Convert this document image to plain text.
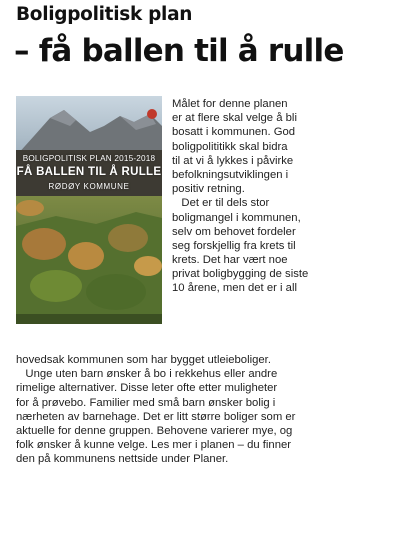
Boligpolitisk plan
– få ballen til å rulle
BOLIGPOLITISK PLAN 2015-2018
FÅ BALLEN TIL Å RULLE
RØDØY KOMMUNE
Målet for denne planen
er at flere skal velge å bli
bosatt i kommunen. God
boligpolititikk skal bidra
til at vi å lykkes i påvirke
befolkningsutviklingen i
positiv retning.
Det er til dels stor
boligmangel i kommunen,
selv om behovet fordeler
seg forskjellig fra krets til
krets. Det har vært noe
privat boligbygging de siste
10 årene, men det er i all
hovedsak kommunen som har bygget utleieboliger.
Unge uten barn ønsker å bo i rekkehus eller andre
rimelige alternativer. Disse leter ofte etter muligheter
for å prøvebo. Familier med små barn ønsker bolig i
nærheten av barnehage. Det er litt større boliger som er
aktuelle for denne gruppen. Behovene varierer mye, og
folk ønsker å kunne velge. Les mer i planen – du finner
den på kommunens nettside under Planer.
